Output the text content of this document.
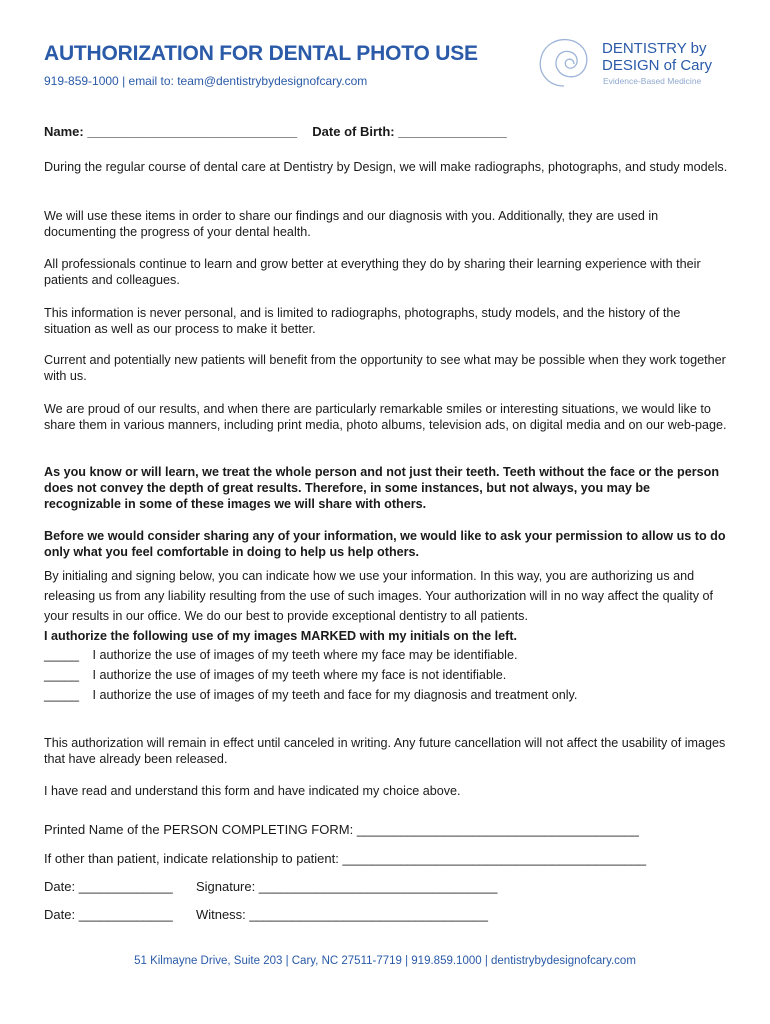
AUTHORIZATION FOR DENTAL PHOTO USE
919-859-1000 | email to: team@dentistrybydesignofcary.com
DENTISTRY by
DESIGN of Cary
Evidence-Based Medicine
Name: _____________________________ Date of Birth: _______________

During the regular course of dental care at Dentistry by Design, we will make radiographs, photographs, and study models.

We will use these items in order to share our findings and our diagnosis with you. Additionally, they are used in documenting the progress of your dental health.

All professionals continue to learn and grow better at everything they do by sharing their learning experience with their patients and colleagues.

This information is never personal, and is limited to radiographs, photographs, study models, and the history of the situation as well as our process to make it better.

Current and potentially new patients will benefit from the opportunity to see what may be possible when they work together with us.

We are proud of our results, and when there are particularly remarkable smiles or interesting situations, we would like to share them in various manners, including print media, photo albums, television ads, on digital media and on our web-page.

As you know or will learn, we treat the whole person and not just their teeth. Teeth without the face or the person does not convey the depth of great results. Therefore, in some instances, but not always, you may be recognizable in some of these images we will share with others.

Before we would consider sharing any of your information, we would like to ask your permission to allow us to do only what you feel comfortable in doing to help us help others.

By initialing and signing below, you can indicate how we use your information. In this way, you are authorizing us and releasing us from any liability resulting from the use of such images. Your authorization will in no way affect the quality of your results in our office. We do our best to provide exceptional dentistry to all patients.

I authorize the following use of my images MARKED with my initials on the left.

_____ I authorize the use of images of my teeth where my face may be identifiable.
_____ I authorize the use of images of my teeth where my face is not identifiable.
_____ I authorize the use of images of my teeth and face for my diagnosis and treatment only.

This authorization will remain in effect until canceled in writing. Any future cancellation will not affect the usability of images that have already been released.

I have read and understand this form and have indicated my choice above.

Printed Name of the PERSON COMPLETING FORM: _______________________________________
If other than patient, indicate relationship to patient: __________________________________________
Date: _____________ Signature: _________________________________
Date: _____________ Witness: _________________________________
51 Kilmayne Drive, Suite 203 | Cary, NC 27511-7719 | 919.859.1000 | dentistrybydesignofcary.com
